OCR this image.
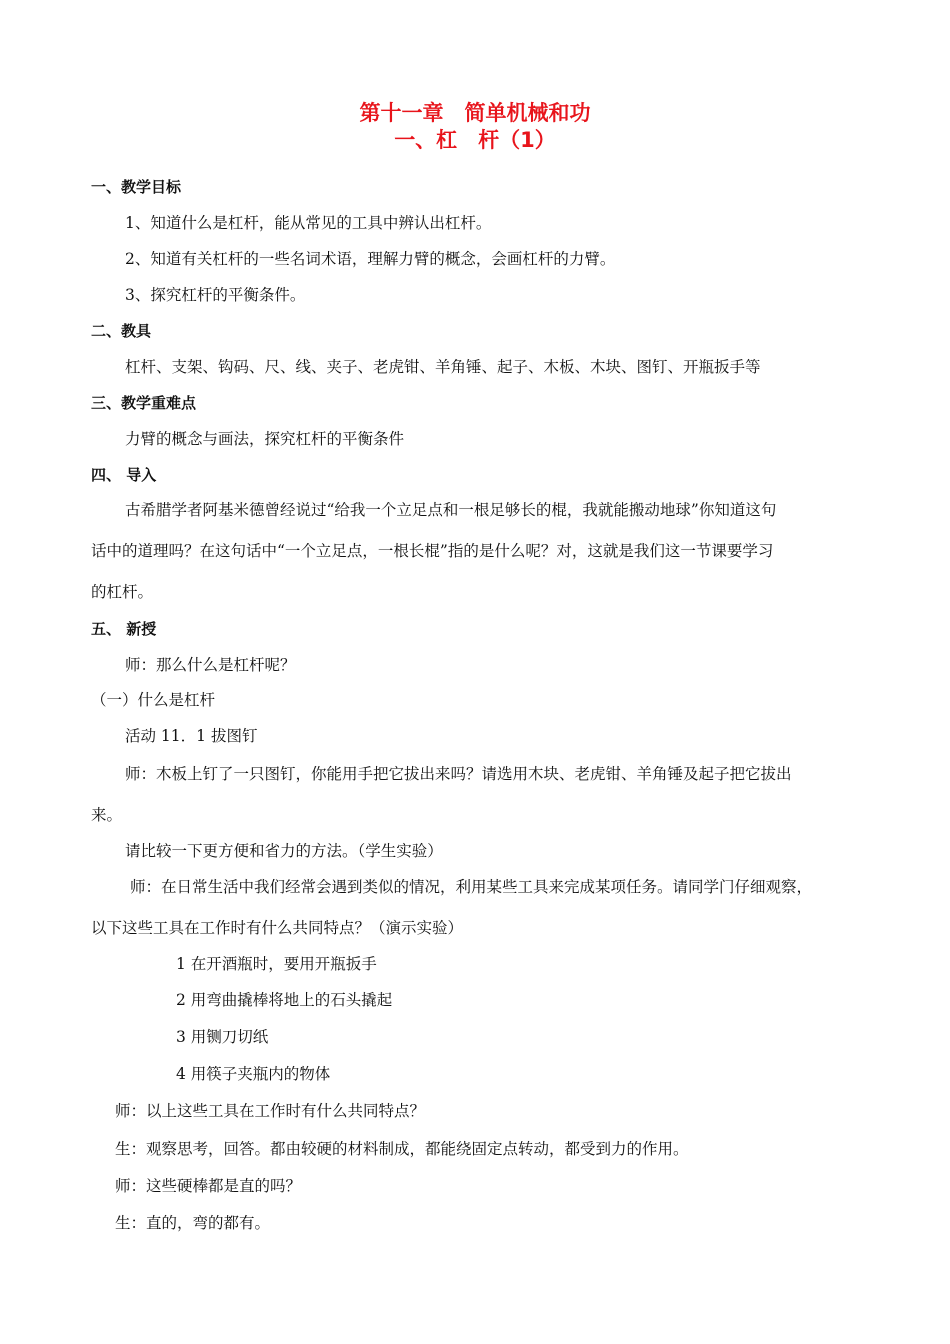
第十一章　简单机械和功
一、杠　杆（1）
一、教学目标
1、知道什么是杠杆，能从常见的工具中辨认出杠杆。
2、知道有关杠杆的一些名词术语，理解力臂的概念，会画杠杆的力臂。
3、探究杠杆的平衡条件。
二、教具
杠杆、支架、钩码、尺、线、夹子、老虎钳、羊角锤、起子、木板、木块、图钉、开瓶扳手等
三、教学重难点
力臂的概念与画法，探究杠杆的平衡条件
四、 导入
古希腊学者阿基米德曾经说过“给我一个立足点和一根足够长的棍，我就能搬动地球”你知道这句
话中的道理吗？在这句话中“一个立足点，一根长棍”指的是什么呢？对，这就是我们这一节课要学习
的杠杆。
五、 新授
师：那么什么是杠杆呢？
（一）什么是杠杆
活动 11．1 拔图钉
师：木板上钉了一只图钉，你能用手把它拔出来吗？请选用木块、老虎钳、羊角锤及起子把它拔出
来。
请比较一下更方便和省力的方法。（学生实验）
师：在日常生活中我们经常会遇到类似的情况，利用某些工具来完成某项任务。请同学门仔细观察，
以下这些工具在工作时有什么共同特点？（演示实验）
1 在开酒瓶时，要用开瓶扳手
2 用弯曲撬棒将地上的石头撬起
3 用铡刀切纸
4 用筷子夹瓶内的物体
师：以上这些工具在工作时有什么共同特点？
生：观察思考，回答。都由较硬的材料制成，都能绕固定点转动，都受到力的作用。
师：这些硬棒都是直的吗？
生：直的，弯的都有。
